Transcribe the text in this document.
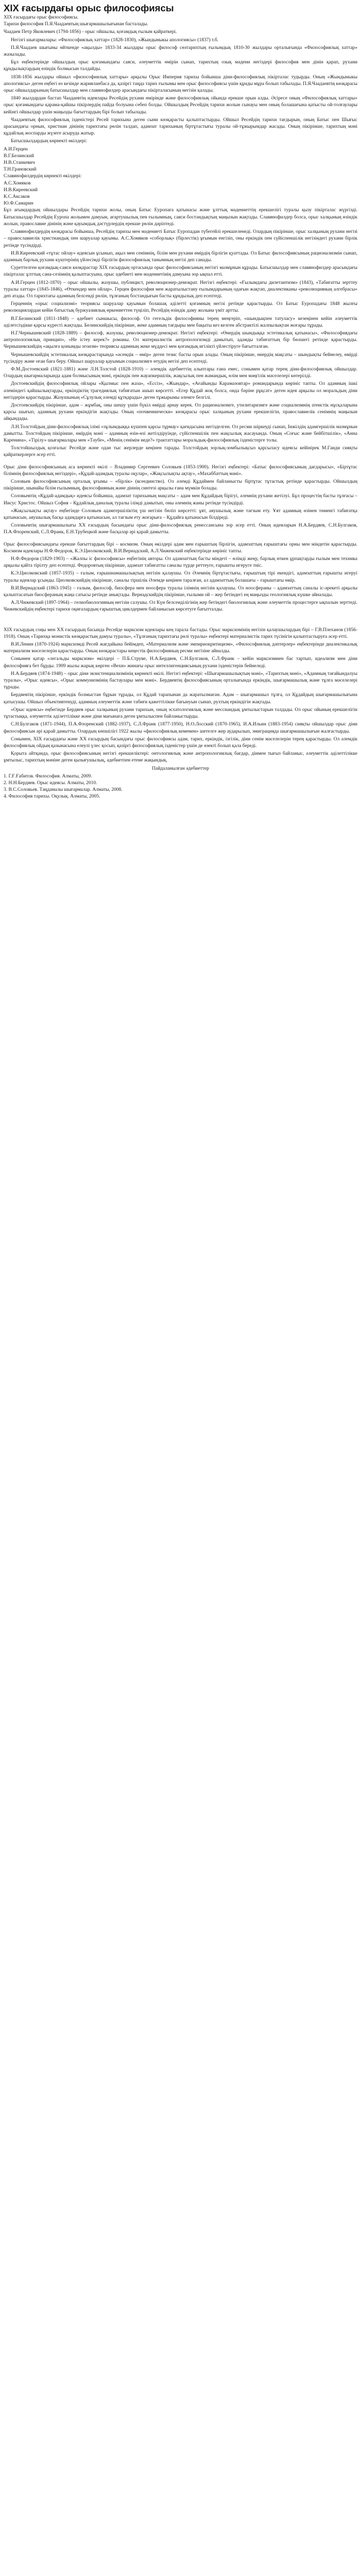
XIX ғасырдағы орыс философиясы

XIX ғасырдағы орыс философиясы.

Тарихи философия П.Я.Чаадаевтың шығармашылығынан басталады.

Чаадаев Петр Яковлевич (1794-1856) - орыс ойшылы, қоғамдық ғылым қайраткері.

Негізгі шығармалары: «Философиялық хаттар» (1828-1830), «Жындыныкы апологиясы» (1837) т.б.

П.Я.Чаадаев шығыны өйткенде «ақылды» 1833-34 жылдары орыс философ сөзтарихтың ғылымдық 1810-30 жылдары орталығында «Философиялық хаттар» жазылады.

Бұл еңбектерінде ойшылдың орыс қоғамындағы саяси, әлеуметтік өмірін сынап, тарихтың озық мәдени негіздері философия мен дінін қарап, рухани құндылықтардың өзіндік болмысын талдайды.

1838-1856 жылдары ойшыл «философиялық хаттары» арқылы Орыс Империя тарихы бойынша діни-философиялық пікірталас тудырды. Оның «Жындыныкы апологиясы» деген еңбегі өз кезінде жарияланбаса да, қазіргі таңда тарих ғылымы мен орыс философиясы үшін құнды мұра болып табылады. П.Я.Чаадаевтің көзқарасы орыс ойшылдарының батысшылдар мен славянофилдер арасындағы пікірталасының негізін қалады.

1840 жылдардан бастап Чаадаевтің идеялары Ресейдің рухани өмірінде және философиялық ойында ерекше орын алды. Әсіресе оның «Философиялық хаттары» орыс қоғамындағы қарама-қайшы пікірлердің пайда болуына себеп болды. Ойшылдың Ресейдің тарихи жолын сынауы мен оның болашағына қатысты ой-толғаулары кейінгі ойшылдар үшін маңызды бағыттардың бірі болып табылады.

Чаадаевтың философиялық ізденістері Ресей тарихына деген сыни көзқарасты қалыптастырды. Ойшыл Ресейдің тарихи тағдырын, оның Батыс пен Шығыс арасындағы орнын, христиан дінінің тарихтағы рөлін талдап, адамзат тарихының біртұтастығы туралы ой-тұжырымдар жасады. Оның пікірінше, тарихтың мәні құдайлық жоспарды жүзеге асыруда жатыр.

Батысшылдардың көрнекті өкілдері:

А.И.Герцен

В.Г.Белинский

Н.В.Станкевич

Т.Н.Грановский

Славянофилдердің көрнекті өкілдері:

А.С.Хомяков

И.В.Киреевский

К.С.Аксаков

Ю.Ф.Самарин

Бұл ағымдардың ойшылдары Ресейдің тарихи жолы, оның Батыс Еуропаға қатынасы және ұлттық мәдениеттің ерекшелігі туралы қызу пікірталас жүргізді. Батысшылдар Ресейдің Еуропа жолымен дамуын, ағартушылық пен ғылымның, саяси бостандықтың маңызын жақтады. Славянофилдер болса, орыс халқының өзіндік жолын, православие дінінің және қауымдық дәстүрлердің ерекше рөлін дәріптеді.

Славянофилдердің көзқарасы бойынша, Ресейдің тарихы мен мәдениеті Батыс Еуропадан түбегейлі ерекшеленеді. Олардың пікірінше, орыс халқының рухани негізі – православиелік христиандық пен шаруалар қауымы. А.С.Хомяков «соборлық» (бірлестік) ұғымын енгізіп, оны еркіндік пен сүйіспеншілік негізіндегі рухани бірлік ретінде түсіндірді.

И.В.Киреевский «тұтас ойлау» идеясын ұсынып, ақыл мен сенімнің, білім мен рухани өмірдің бірлігін қуаттады. Ол Батыс философиясының рационализмін сынап, адамның барлық рухани күштерінің үйлесімді бірлігін философиялық танымның негізі деп санады.

Суреттелген қоғамдық-саяси көзқарастар ХІХ ғасырдың ортасында орыс философиясының негізгі мазмұнын құрады. Батысшылдар мен славянофилдер арасындағы пікірталас ұлттық сана-сезімнің қалыптасуына, орыс әдебиеті мен мәдениетінің дамуына зор ықпал етті.

А.И.Герцен (1812-1870) – орыс ойшылы, жазушы, публицист, революционер-демократ. Негізгі еңбектері: «Ғылымдағы дилетантизм» (1843), «Табиғатты зерттеу туралы хаттар» (1845-1846), «Өткендер мен ойлар». Герцен философия мен жаратылыстану ғылымдарының одағын жақтап, диалектиканы «революцияның алгебрасы» деп атады. Ол тарихтағы адамның белсенді рөлін, тұлғаның бостандығын басты құндылық деп есептеді.

Герценнің «орыс социализмі» теориясы шаруалар қауымын болашақ әділетті қоғамның негізі ретінде қарастырды. Ол Батыс Еуропадағы 1848 жылғы революциялардан кейін батыстық буржуазиялық өркениеттен түңіліп, Ресейдің өзіндік даму жолына үміт артты.

В.Г.Белинский (1811-1848) – әдебиет сыншысы, философ. Ол гегельдік философияны терең меңгеріп, «шындықпен татуласу» кезеңінен кейін әлеуметтік әділетсіздікке қарсы күресті жақтады. Белинскийдің пікірінше, жеке адамның тағдыры мен бақыты кез келген абстрактілі жалпылықтан жоғары тұрады.

Н.Г.Чернышевский (1828-1889) – философ, жазушы, революционер-демократ. Негізгі еңбектері: «Өнердің шындыққа эстетикалық қатынасы», «Философиядағы антропологиялық принцип», «Не істеу керек?» романы. Ол материалистік антропологизмді дамытып, адамды табиғаттың бір бөлшегі ретінде қарастырды. Чернышевскийдің «ақылға қонымды эгоизм» теориясы адамның жеке мүддесі мен қоғамдық игілікті үйлестіруге бағытталған.

Чернышевскийдің эстетикалық көзқарастарында «әсемдік – өмір» деген тезис басты орын алады. Оның пікірінше, өнердің мақсаты – шындықты бейнелеу, өмірді түсіндіру және оған баға беру. Ойшыл шаруалар қауымын социализмге өтудің негізі деп есептеді.

Ф.М.Достоевский (1821-1881) және Л.Н.Толстой (1828-1910) – әлемдік әдебиеттің алыптары ғана емес, сонымен қатар терең діни-философиялық ойшылдар. Олардың шығармаларында адам болмысының мәні, еркіндік пен жауапкершілік, жақсылық пен жамандық, өлім мен мәңгілік мәселелері көтерілді.

Достоевскийдің философиялық ойлары «Қылмыс пен жаза», «Ессіз», «Жындар», «Ағайынды Карамазовтар» романдарында көрініс тапты. Ол адамның ішкі әлеміндегі қайшылықтарды, еркіндіктің трагедиялық табиғатын ашып көрсетті. «Егер Құдай жоқ болса, онда бәріне рұқсат» деген идея арқылы ол моральдың діни негіздерін қарастырды. Жазушының «Сұлулық әлемді құтқарады» деген тұжырымы әлемге белгілі.

Достоевскийдің пікірінше, адам – жұмбақ, оны шешу үшін бүкіл өмірді арнау керек. Ол рационализмге, утилитаризмге және социализмнің атеистік нұсқаларына қарсы шығып, адамның рухани еркіндігін жақтады. Оның «почвеннически» көзқарасы орыс халқының рухани ерекшелігін, православиелік сенімнің маңызын айқындады.

Л.Н.Толстойдың діни-философиялық ілімі «зұлымдыққа күшпен қарсы тұрмау» қағидасына негізделген. Ол ресми шіркеуді сынап, Інжілдің адамгершілік мазмұнын дамытты. Толстойдың пікірінше, өмірдің мәні – адамның өзін-өзі жетілдіруінде, сүйіспеншілік пен жақсылық жасауында. Оның «Соғыс және бейбітшілік», «Анна Каренина», «Тірілу» шығармалары мен «Тәубе», «Менің сенімім неде?» трактаттары моральдық-философиялық ізденістерге толы.

Толстойшылдық қозғалыс Ресейде және одан тыс жерлерде кеңінен тарады. Толстойдың зорлық-зомбылықсыз қарсыласу идеясы кейінірек М.Ганди сияқты қайраткерлерге әсер етті.

Орыс діни философиясының аса көрнекті өкілі – Владимир Сергеевич Соловьев (1853-1900). Негізгі еңбектері: «Батыс философиясының дағдарысы», «Біртұтас білімнің философиялық негіздері», «Құдай-адамдық туралы оқулар», «Жақсылықты ақтау», «Махаббаттың мәні».

Соловьев философиясының орталық ұғымы – «бірлік» (всеединство). Ол әлемді Құдаймен байланысты біртұтас тұтастық ретінде қарастырды. Ойшылдың пікірінше, шынайы білім ғылымның, философияның және діннің синтезі арқылы ғана мүмкін болады.

Соловьевтің «Құдай-адамдық» идеясы бойынша, адамзат тарихының мақсаты – адам мен Құдайдың бірігуі, әлемнің рухани жетілуі. Бұл процестің басты тұлғасы – Иисус Христос. Ойшыл София – Құдайлық даналық туралы ілімді дамытып, оны әлемнің жаны ретінде түсіндірді.

«Жақсылықты ақтау» еңбегінде Соловьев адамгершіліктің үш негізін бөліп көрсетті: ұят, аяушылық және тағзым ету. Ұят адамның өзінен төменгі табиғатқа қатынасын, аяушылық басқа адамдарға қатынасын, ал тағзым ету жоғарыға – Құдайға қатынасын білдіреді.

Соловьевтің шығармашылығы ХХ ғасырдың басындағы орыс діни-философиялық ренессансына зор әсер етті. Оның идеяларын Н.А.Бердяев, С.Н.Булгаков, П.А.Флоренский, С.Л.Франк, Е.Н.Трубецкой және басқалар әрі қарай дамытты.

Орыс философиясындағы ерекше бағыттардың бірі – космизм. Оның өкілдері адам мен ғарыштың бірлігін, адамзаттың ғарыштағы орны мен міндетін қарастырды. Космизм идеялары Н.Ф.Федоров, К.Э.Циолковский, В.И.Вернадский, А.Л.Чижевский еңбектерінде көрініс тапты.

Н.Ф.Федоров (1829-1903) – «Жалпы іс философиясы» еңбегінің авторы. Ол адамзаттың басты міндеті – өлімді жеңу, барлық өткен ұрпақтарды ғылым мен техника арқылы қайта тірілту деп есептеді. Федоровтың пікірінше, адамзат табиғатты саналы түрде реттеуге, ғарышты игеруге тиіс.

К.Э.Циолковский (1857-1935) – ғалым, ғарышнамашылықтың негізін қалаушы. Ол Әлемнің біртұтастығы, ғарыштың тірі екендігі, адамзаттың ғарышты игеруі туралы идеялар ұсынды. Циолковскийдің пікірінше, саналы тіршілік Әлемде кеңінен таралған, ал адамзаттың болашағы – ғарыштағы өмір.

В.И.Вернадский (1863-1945) – ғалым, философ, биосфера мен ноосфера туралы ілімнің негізін қалаушы. Ол ноосфераны – адамзаттың саналы іс-әрекеті арқылы қалыптасатын биосфераның жаңа сатысы ретінде анықтады. Вернадскийдің пікірінше, ғылыми ой – жер бетіндегі ең маңызды геологиялық күшке айналады.

А.Л.Чижевский (1897-1964) – гелиобиологияның негізін салушы. Ол Күн белсенділігінің жер бетіндегі биологиялық және әлеуметтік процестерге ықпалын зерттеді. Чижевскийдің еңбектері тарихи оқиғалардың ғарыштық циклдермен байланысын көрсетуге бағытталды.

ХІХ ғасырдың соңы мен ХХ ғасырдың басында Ресейде марксизм идеялары кең тарала бастады. Орыс марксизмінің негізін қалаушылардың бірі – Г.В.Плеханов (1856-1918). Оның «Тарихқа монистік көзқарастың дамуы туралы», «Тұлғаның тарихтағы рөлі туралы» еңбектері материалистік тарих түсінігін қалыптастыруға әсер етті.

В.И.Ленин (1870-1924) марксизмді Ресей жағдайына бейімдеп, «Материализм және эмпириокритицизм», «Философиялық дәптерлер» еңбектерінде диалектикалық материализм мәселелерін қарастырды. Оның көзқарастары кеңестік философияның ресми негізіне айналды.

Сонымен қатар «легальды марксизм» өкілдері – П.Б.Струве, Н.А.Бердяев, С.Н.Булгаков, С.Л.Франк – кейін марксизмнен бас тартып, идеализм мен діни философияға бет бұрды. 1909 жылы жарық көрген «Вехи» жинағы орыс интеллигенциясының рухани ізденістерін бейнеледі.

Н.А.Бердяев (1874-1948) – орыс діни экзистенциализмінің көрнекті өкілі. Негізгі еңбектері: «Шығармашылықтың мәні», «Тарихтың мәні», «Адамның тағайындалуы туралы», «Орыс идеясы», «Орыс коммунизмінің бастаулары мен мәні». Бердяевтің философиясының орталығында еркіндік, шығармашылық және тұлға мәселелері тұрады.

Бердяевтің пікірінше, еркіндік болмыстан бұрын тұрады, ол Құдай тарапынан да жаратылмаған. Адам – шығармашыл тұлға, ол Құдайдың шығармашылығына қатысушы. Ойшыл объективтенуді, адамның әлеуметтік және табиғи қажеттілікке бағынуын сынап, рухтың еркіндігін жақтады.

«Орыс идеясы» еңбегінде Бердяев орыс халқының рухани тарихын, оның эсхатологиялық және мессиандық ұмтылыстарын талдады. Ол орыс ойының ерекшелігін тұтастыққа, әлеуметтік әділеттілікке және діни мағынаға деген ұмтылыспен байланыстырды.

С.Н.Булгаков (1871-1944), П.А.Флоренский (1882-1937), С.Л.Франк (1877-1950), Н.О.Лосский (1870-1965), И.А.Ильин (1883-1954) сияқты ойшылдар орыс діни философиясын әрі қарай дамытты. Олардың көпшілігі 1922 жылы «философиялық кемемен» шетелге жер аударылып, эмиграцияда шығармашылығын жалғастырды.

Сонымен, ХІХ ғасырдағы және ХХ ғасырдың басындағы орыс философиясы адам, тарих, еркіндік, ізгілік, діни сенім мәселелерін терең қарастырды. Ол әлемдік философиялық ойдың қазынасына елеулі үлес қосып, қазіргі философиялық ізденістер үшін де өзекті болып қала береді.

Қорыта айтқанда, орыс философиясының негізгі ерекшеліктері: онтологиялық және антропологиялық бағдар, дінмен тығыз байланыс, әлеуметтік әділеттілікке ұмтылыс, тарихтың мәніне деген қызығушылық, әдебиетпен етене жақындық.

Пайдаланылған әдебиеттер

1. Г.Ғ.Ғабитов. Философия. Алматы, 2009.

2. Н.Н.Бердяев. Орыс идеясы. Алматы, 2010.

3. В.С.Соловьев. Таңдамалы шығармалар. Алматы, 2008.

4. Философия тарихы. Оқулық. Алматы, 2005.
